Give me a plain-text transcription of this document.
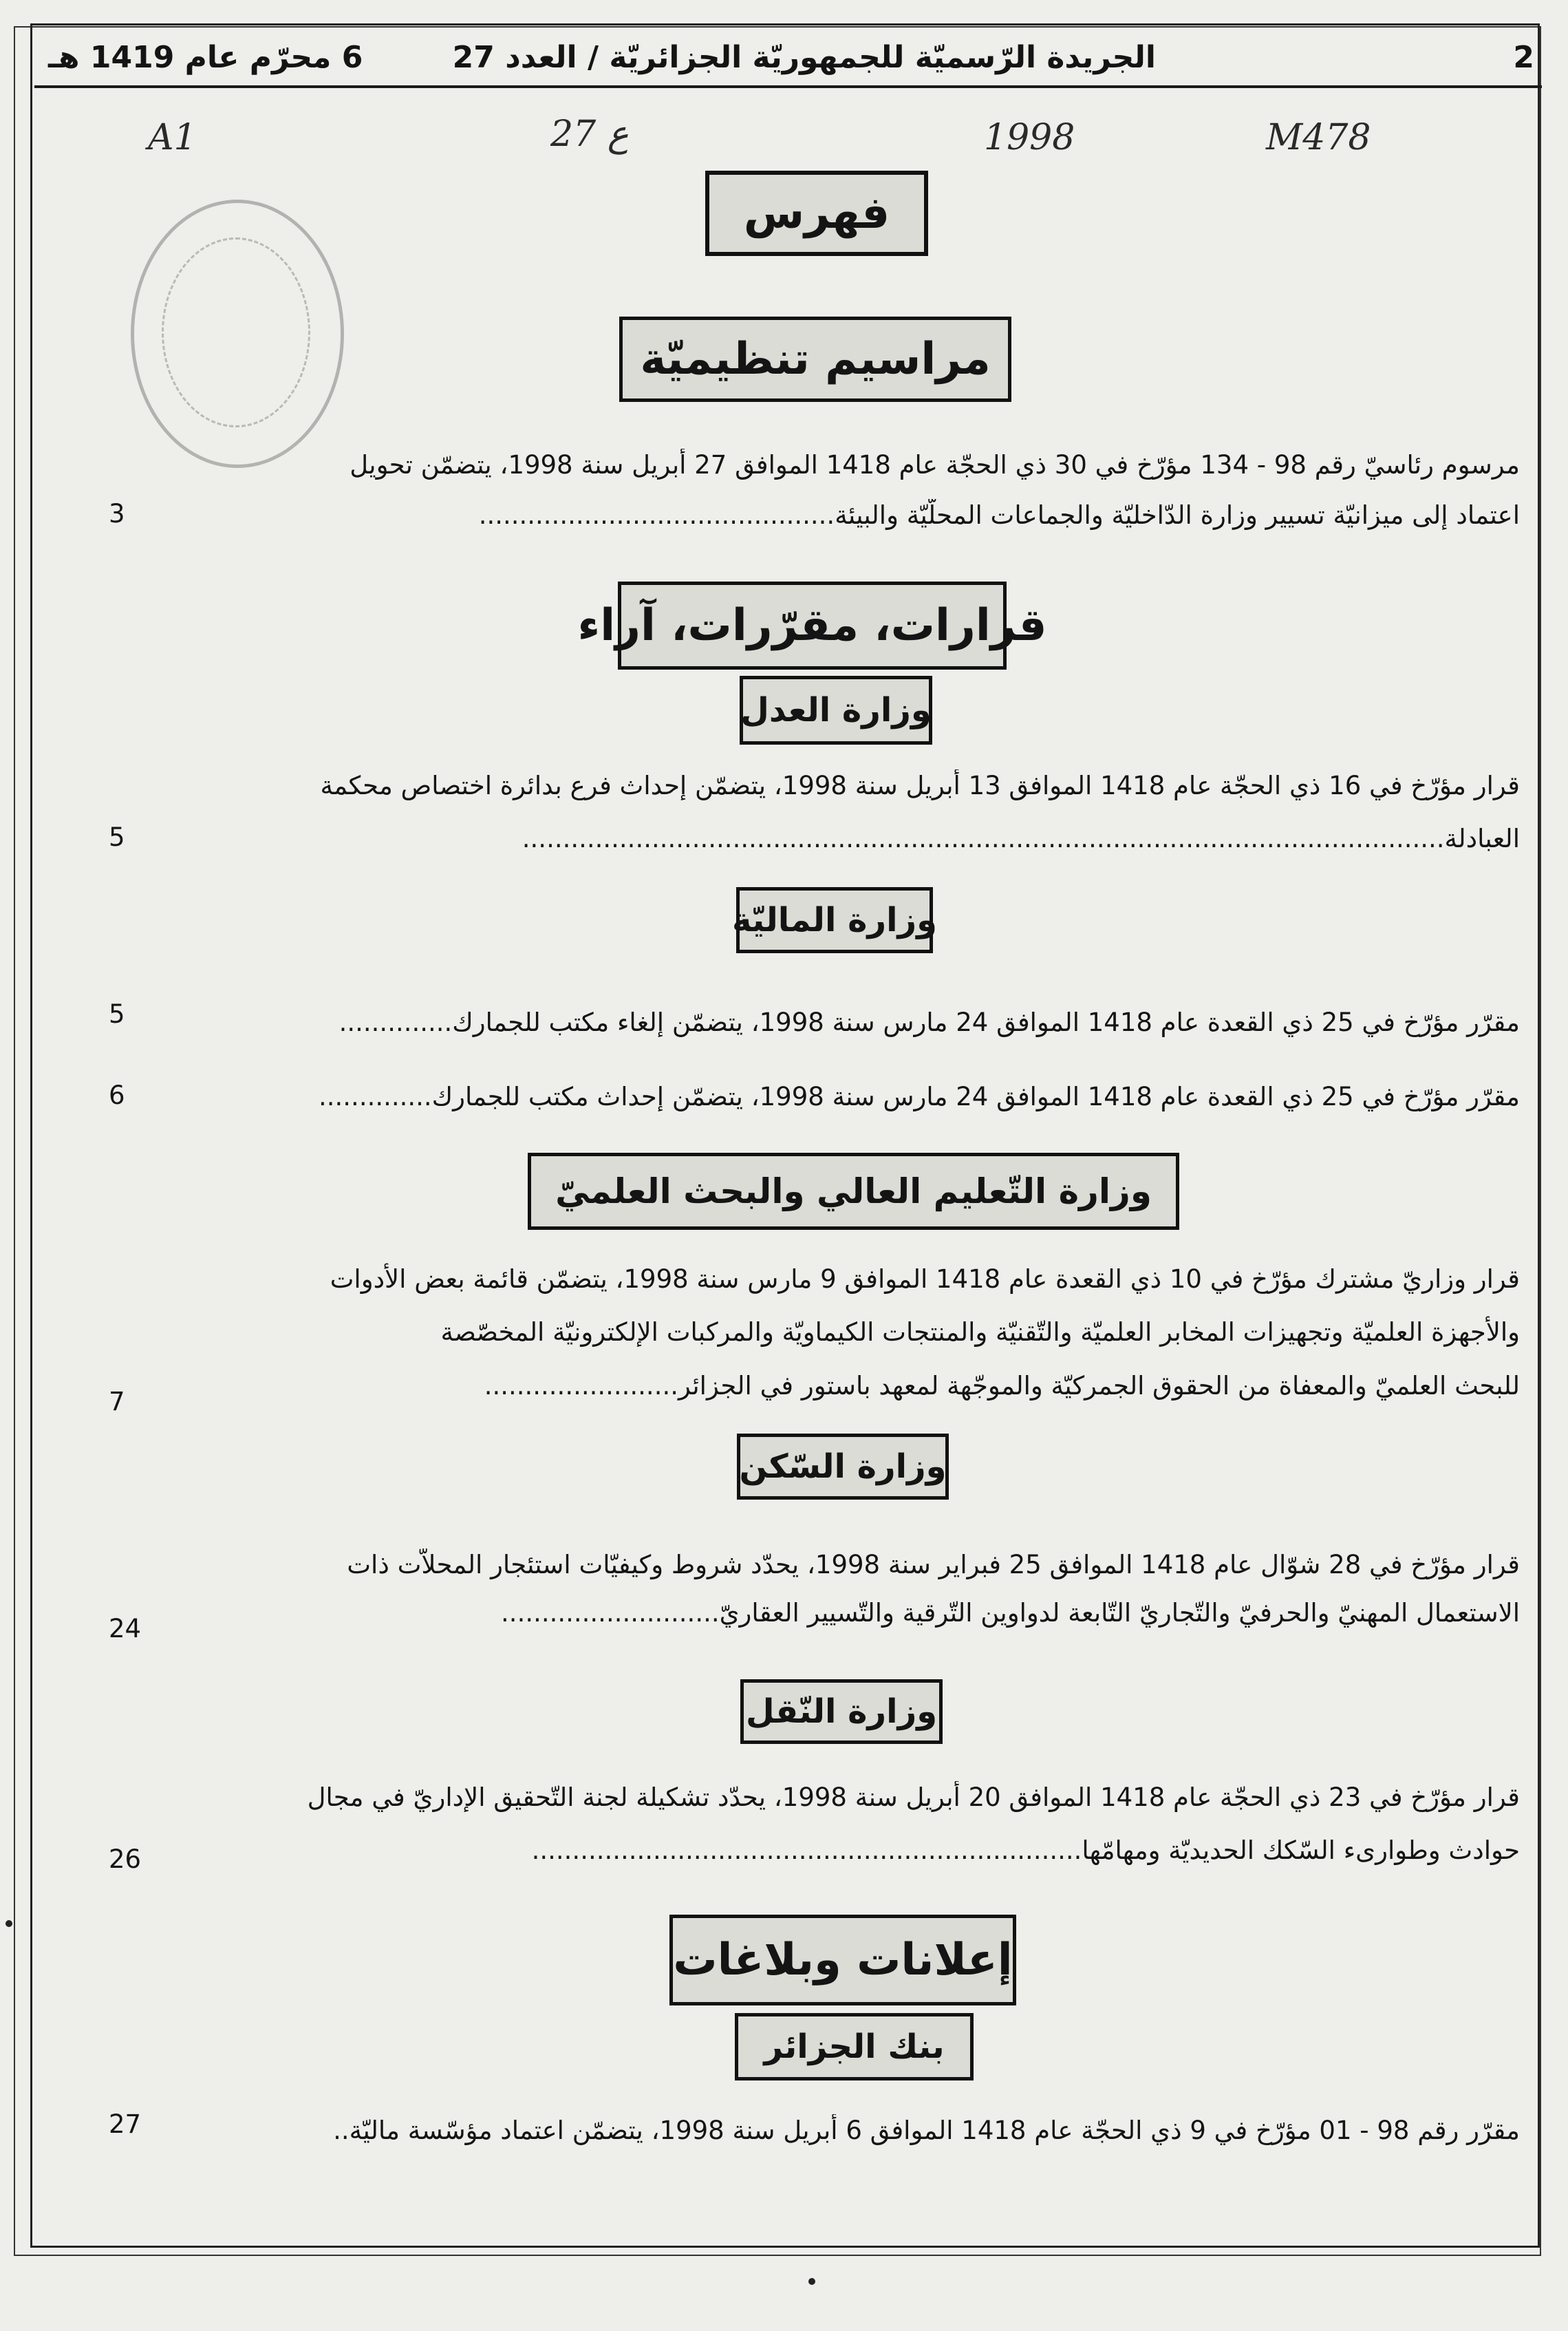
2
الجريدة الرّسميّة للجمهوريّة الجزائريّة / العدد 27
6 محرّم عام 1419 هـ
A1	27 ع	1998	M478
فهرس
مراسيم تنظيميّة
مرسوم رئاسيّ رقم 98 - 134 مؤرّخ في 30 ذي الحجّة عام 1418 الموافق 27 أبريل سنة 1998، يتضمّن تحويل
اعتماد إلى ميزانيّة تسيير وزارة الدّاخليّة والجماعات المحلّيّة والبيئة............................................
3
قرارات، مقرّرات، آراء
وزارة العدل
قرار مؤرّخ في 16 ذي الحجّة عام 1418 الموافق 13 أبريل سنة 1998، يتضمّن إحداث فرع بدائرة اختصاص محكمة
العبادلة..................................................................................................................
5
وزارة الماليّة
مقرّر مؤرّخ في 25 ذي القعدة عام 1418 الموافق 24 مارس سنة 1998، يتضمّن إلغاء مكتب للجمارك..............
5
مقرّر مؤرّخ في 25 ذي القعدة عام 1418 الموافق 24 مارس سنة 1998، يتضمّن إحداث مكتب للجمارك..............
6
وزارة التّعليم العالي والبحث العلميّ
قرار وزاريّ مشترك مؤرّخ في 10 ذي القعدة عام 1418 الموافق 9 مارس سنة 1998، يتضمّن قائمة بعض الأدوات
والأجهزة العلميّة وتجهيزات المخابر العلميّة والتّقنيّة والمنتجات الكيماويّة والمركبات الإلكترونيّة المخصّصة
للبحث العلميّ والمعفاة من الحقوق الجمركيّة والموجّهة لمعهد باستور في الجزائر........................
7
وزارة السّكن
قرار مؤرّخ في 28 شوّال عام 1418 الموافق 25 فبراير سنة 1998، يحدّد شروط وكيفيّات استئجار المحلاّت ذات
الاستعمال المهنيّ والحرفيّ والتّجاريّ التّابعة لدواوين التّرقية والتّسيير العقاريّ...........................
24
وزارة النّقل
قرار مؤرّخ في 23 ذي الحجّة عام 1418 الموافق 20 أبريل سنة 1998، يحدّد تشكيلة لجنة التّحقيق الإداريّ في مجال
حوادث وطوارىء السّكك الحديديّة ومهامّها....................................................................
26
إعلانات وبلاغات
بنك الجزائر
مقرّر رقم 98 - 01 مؤرّخ في 9 ذي الحجّة عام 1418 الموافق 6 أبريل سنة 1998، يتضمّن اعتماد مؤسّسة ماليّة..
27
